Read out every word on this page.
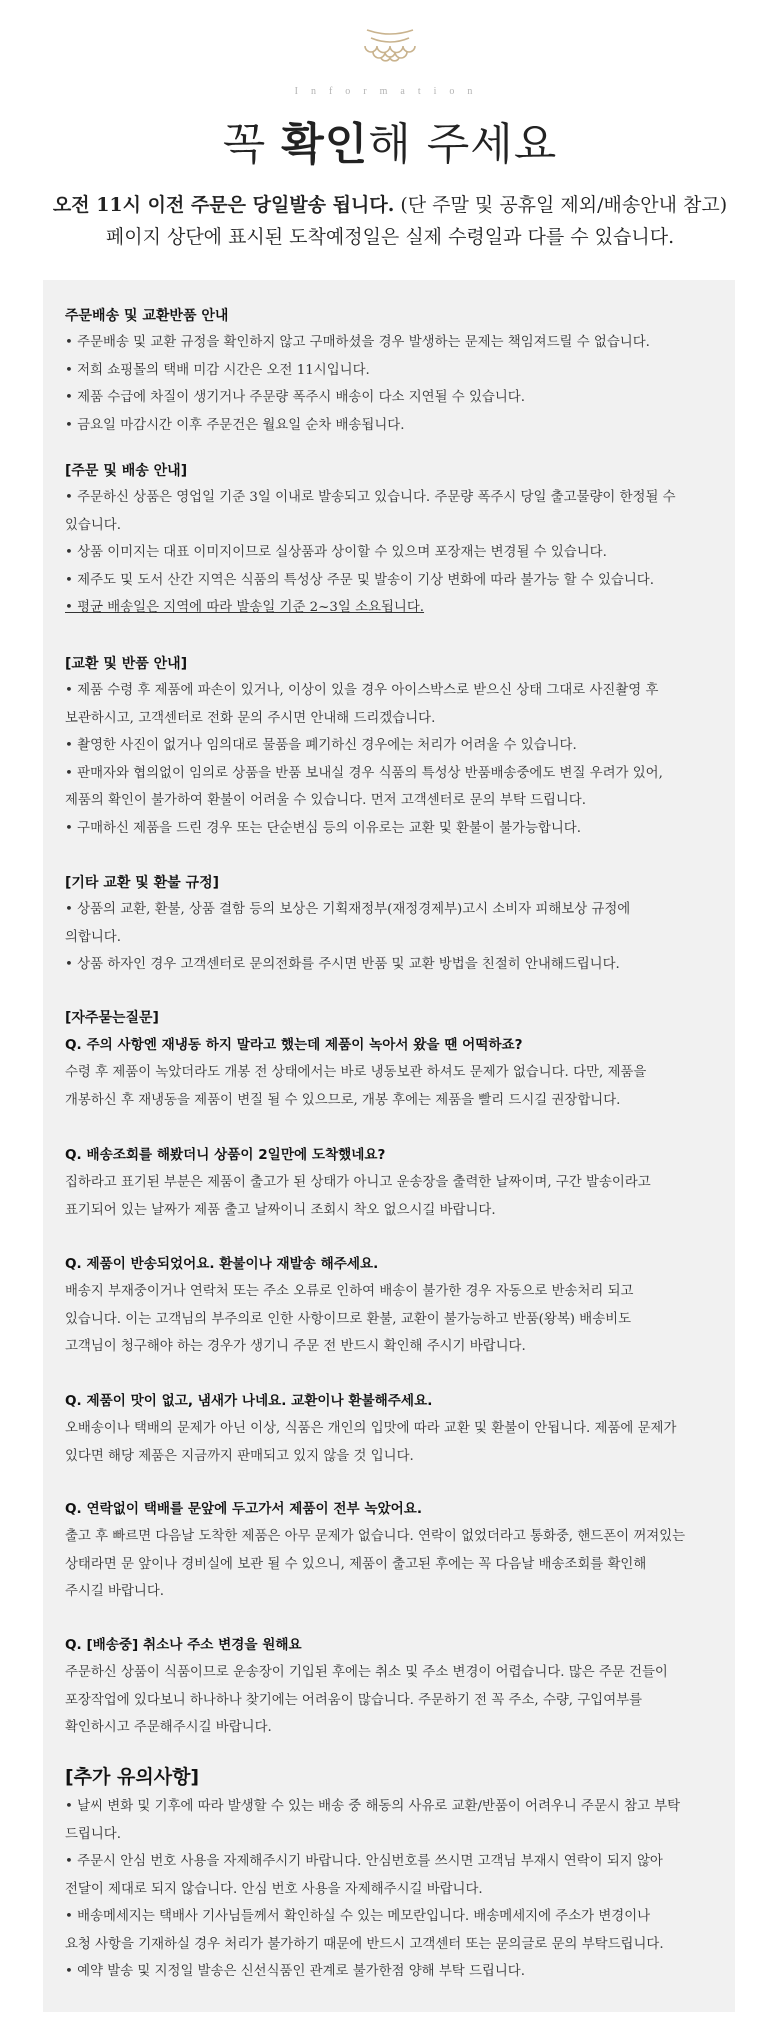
Information
꼭 확인해 주세요
오전 11시 이전 주문은 당일발송 됩니다. (단 주말 및 공휴일 제외/배송안내 참고)
페이지 상단에 표시된 도착예정일은 실제 수령일과 다를 수 있습니다.

주문배송 및 교환반품 안내

• 주문배송 및 교환 규정을 확인하지 않고 구매하셨을 경우 발생하는 문제는 책임져드릴 수 없습니다.

• 저희 쇼핑몰의 택배 미감 시간은 오전 11시입니다.

• 제품 수급에 차질이 생기거나 주문량 폭주시 배송이 다소 지연될 수 있습니다.

• 금요일 마감시간 이후 주문건은 월요일 순차 배송됩니다.

[주문 및 배송 안내]

• 주문하신 상품은 영업일 기준 3일 이내로 발송되고 있습니다. 주문량 폭주시 당일 출고물량이 한정될 수

있습니다.

• 상품 이미지는 대표 이미지이므로 실상품과 상이할 수 있으며 포장재는 변경될 수 있습니다.

• 제주도 및 도서 산간 지역은 식품의 특성상 주문 및 발송이 기상 변화에 따라 불가능 할 수 있습니다.

• 평균 배송일은 지역에 따라 발송일 기준 2~3일 소요됩니다.

[교환 및 반품 안내]

• 제품 수령 후 제품에 파손이 있거나, 이상이 있을 경우 아이스박스로 받으신 상태 그대로 사진촬영 후

보관하시고, 고객센터로 전화 문의 주시면 안내해 드리겠습니다.

• 촬영한 사진이 없거나 임의대로 물품을 폐기하신 경우에는 처리가 어려울 수 있습니다.

• 판매자와 협의없이 임의로 상품을 반품 보내실 경우 식품의 특성상 반품배송중에도 변질 우려가 있어,

제품의 확인이 불가하여 환불이 어려울 수 있습니다. 먼저 고객센터로 문의 부탁 드립니다.

• 구매하신 제품을 드린 경우 또는 단순변심 등의 이유로는 교환 및 환불이 불가능합니다.

[기타 교환 및 환불 규정]

• 상품의 교환, 환불, 상품 결함 등의 보상은 기획재정부(재정경제부)고시 소비자 피해보상 규정에

의합니다.

• 상품 하자인 경우 고객센터로 문의전화를 주시면 반품 및 교환 방법을 친절히 안내해드립니다.

[자주묻는질문]

Q. 주의 사항엔 재냉동 하지 말라고 했는데 제품이 녹아서 왔을 땐 어떡하죠?

수령 후 제품이 녹았더라도 개봉 전 상태에서는 바로 냉동보관 하셔도 문제가 없습니다. 다만, 제품을

개봉하신 후 재냉동을 제품이 변질 될 수 있으므로, 개봉 후에는 제품을 빨리 드시길 권장합니다.

Q. 배송조회를 해봤더니 상품이 2일만에 도착했네요?

집하라고 표기된 부분은 제품이 출고가 된 상태가 아니고 운송장을 출력한 날짜이며, 구간 발송이라고

표기되어 있는 날짜가 제품 출고 날짜이니 조회시 착오 없으시길 바랍니다.

Q. 제품이 반송되었어요. 환불이나 재발송 해주세요.

배송지 부재중이거나 연락처 또는 주소 오류로 인하여 배송이 불가한 경우 자동으로 반송처리 되고

있습니다. 이는 고객님의 부주의로 인한 사항이므로 환불, 교환이 불가능하고 반품(왕복) 배송비도

고객님이 청구해야 하는 경우가 생기니 주문 전 반드시 확인해 주시기 바랍니다.

Q. 제품이 맛이 없고, 냄새가 나네요. 교환이나 환불해주세요.

오배송이나 택배의 문제가 아닌 이상, 식품은 개인의 입맛에 따라 교환 및 환불이 안됩니다. 제품에 문제가

있다면 해당 제품은 지금까지 판매되고 있지 않을 것 입니다.

Q. 연락없이 택배를 문앞에 두고가서 제품이 전부 녹았어요.

출고 후 빠르면 다음날 도착한 제품은 아무 문제가 없습니다. 연락이 없었더라고 통화중, 핸드폰이 꺼져있는

상태라면 문 앞이나 경비실에 보관 될 수 있으니, 제품이 출고된 후에는 꼭 다음날 배송조회를 확인해

주시길 바랍니다.

Q. [배송중] 취소나 주소 변경을 원해요

주문하신 상품이 식품이므로 운송장이 기입된 후에는 취소 및 주소 변경이 어렵습니다. 많은 주문 건들이

포장작업에 있다보니 하나하나 찾기에는 어려움이 많습니다. 주문하기 전 꼭 주소, 수량, 구입여부를

확인하시고 주문해주시길 바랍니다.

[추가 유의사항]

• 날씨 변화 및 기후에 따라 발생할 수 있는 배송 중 해동의 사유로 교환/반품이 어려우니 주문시 참고 부탁

드립니다.

• 주문시 안심 번호 사용을 자제해주시기 바랍니다. 안심번호를 쓰시면 고객님 부재시 연락이 되지 않아

전달이 제대로 되지 않습니다. 안심 번호 사용을 자제해주시길 바랍니다.

• 배송메세지는 택배사 기사님들께서 확인하실 수 있는 메모란입니다. 배송메세지에 주소가 변경이나

요청 사항을 기재하실 경우 처리가 불가하기 때문에 반드시 고객센터 또는 문의글로 문의 부탁드립니다.

• 예약 발송 및 지정일 발송은 신선식품인 관계로 불가한점 양해 부탁 드립니다.
